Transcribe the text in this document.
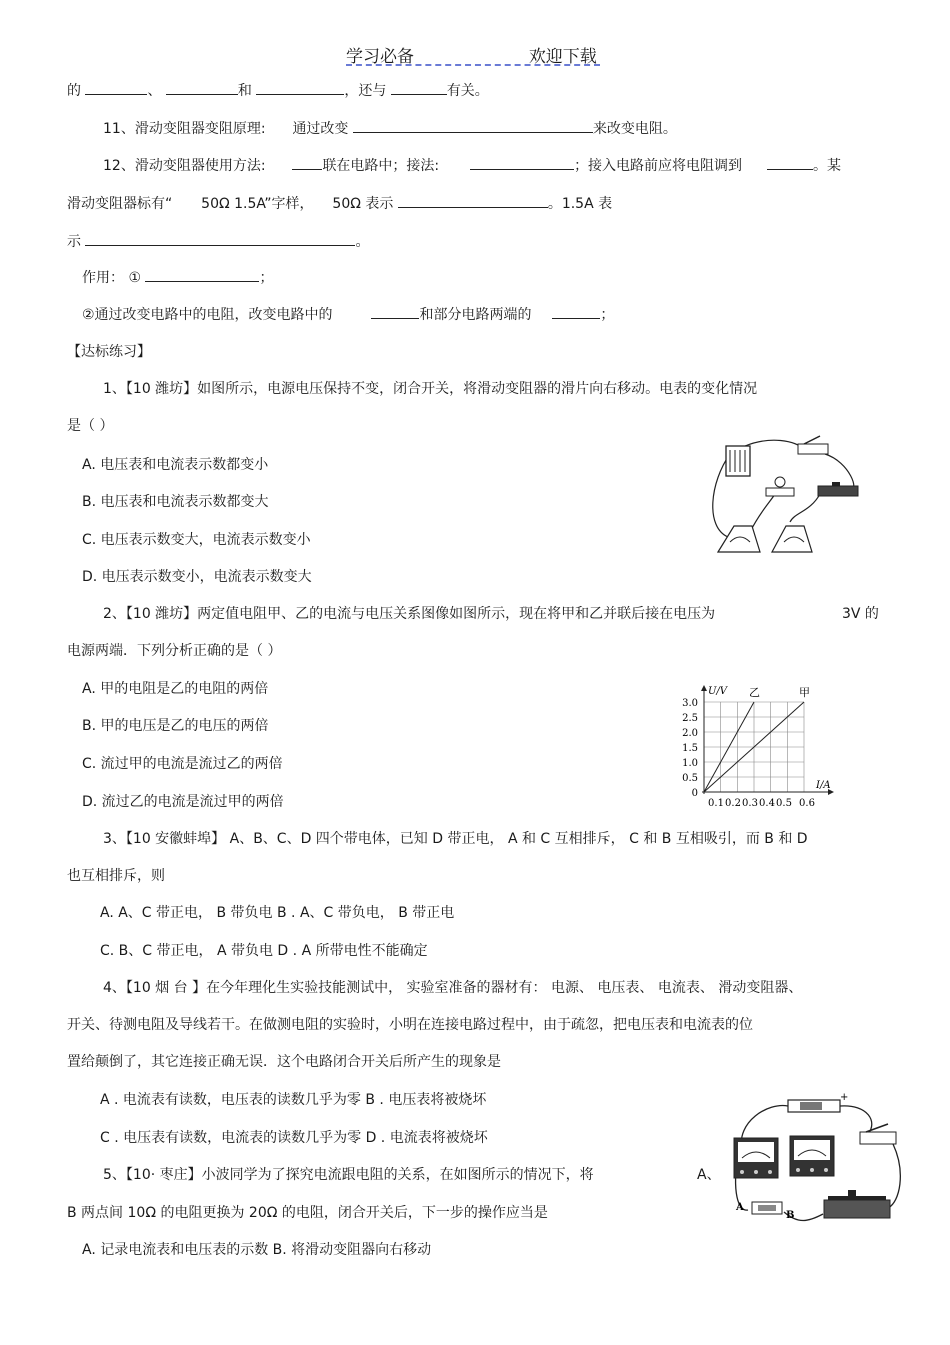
学习必备	欢迎下载
的	、	和	，还与	有关。
11、滑动变阻器变阻原理: 通过改变	来改变电阻。
12、滑动变阻器使用方法:	联在电路中；接法:	；接入电路前应将电阻调到	。某
滑动变阻器标有“ 50Ω 1.5A”字样， 50Ω 表示	。1.5A 表
示	。
作用： ①	；
②通过改变电路中的电阻，改变电路中的	和部分电路两端的	；
【达标练习】
1、【10 潍坊】如图所示，电源电压保持不变，闭合开关，将滑动变阻器的滑片向右移动。电表的变化情况
是（ ）
A. 电压表和电流表示数都变小
B. 电压表和电流表示数都变大
C. 电压表示数变大，电流表示数变小
D. 电压表示数变小，电流表示数变大
2、【10 潍坊】两定值电阻甲、乙的电流与电压关系图像如图所示，现在将甲和乙并联后接在电压为	3V 的
电源两端．下列分析正确的是（ ）
A. 甲的电阻是乙的电阻的两倍
B. 甲的电压是乙的电压的两倍
C. 流过甲的电流是流过乙的两倍
D. 流过乙的电流是流过甲的两倍
U/V
I/A
乙	甲
3.0
2.5
2.0
1.5
1.0
0.5
0
0.1 0.2 0.3 0.4 0.5 0.6
3、【10 安徽蚌埠】 A、B、C、D 四个带电体，已知 D 带正电， A 和 C 互相排斥， C 和 B 互相吸引，而 B 和 D
也互相排斥，则
A. A、C 带正电， B 带负电 B . A、C 带负电， B 带正电
C. B、C 带正电， A 带负电 D . A 所带电性不能确定
4、【10 烟 台 】在今年理化生实验技能测试中， 实验室准备的器材有： 电源、 电压表、 电流表、 滑动变阻器、
开关、待测电阻及导线若干。在做测电阻的实验时，小明在连接电路过程中，由于疏忽，把电压表和电流表的位
置给颠倒了，其它连接正确无误．这个电路闭合开关后所产生的现象是
A . 电流表有读数，电压表的读数几乎为零 B . 电压表将被烧坏
C . 电压表有读数，电流表的读数几乎为零 D . 电流表将被烧坏
5、【10· 枣庄】小波同学为了探究电流跟电阻的关系，在如图所示的情况下，将	A、
B 两点间 10Ω 的电阻更换为 20Ω 的电阻，闭合开关后，下一步的操作应当是
A. 记录电流表和电压表的示数 B. 将滑动变阻器向右移动
+
A
B
